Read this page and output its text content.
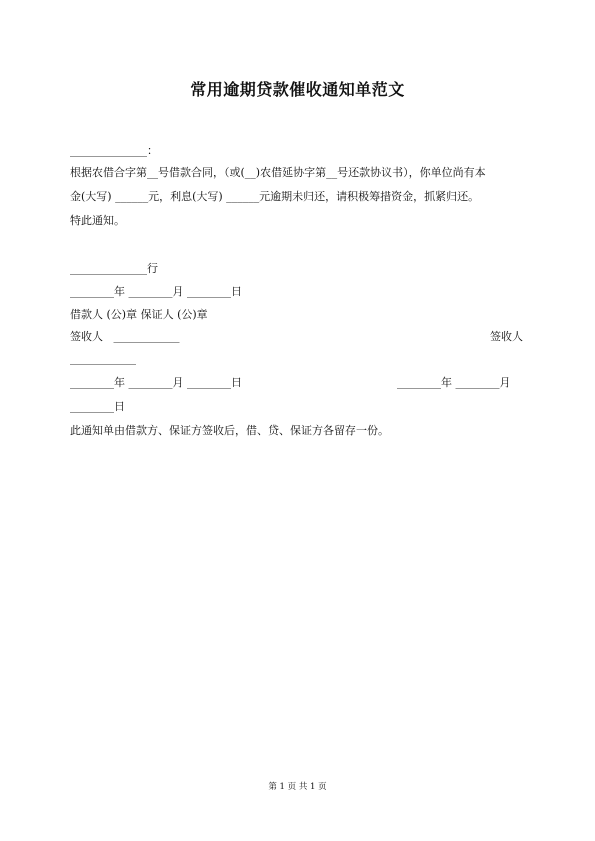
常用逾期贷款催收通知单范文
______________：
根据农借合字第__号借款合同，（或(__)农借延协字第__号还款协议书），你单位尚有本
金(大写) ______元，利息(大写) ______元逾期未归还，请积极筹措资金，抓紧归还。
特此通知。
______________行
________年 ________月 ________日
借款人 (公)章 保证人 (公)章
签收人   ____________	签收人
____________
________年 ________月 ________日	________年 ________月
________日
此通知单由借款方、保证方签收后，借、贷、保证方各留存一份。
第 1 页 共 1 页
